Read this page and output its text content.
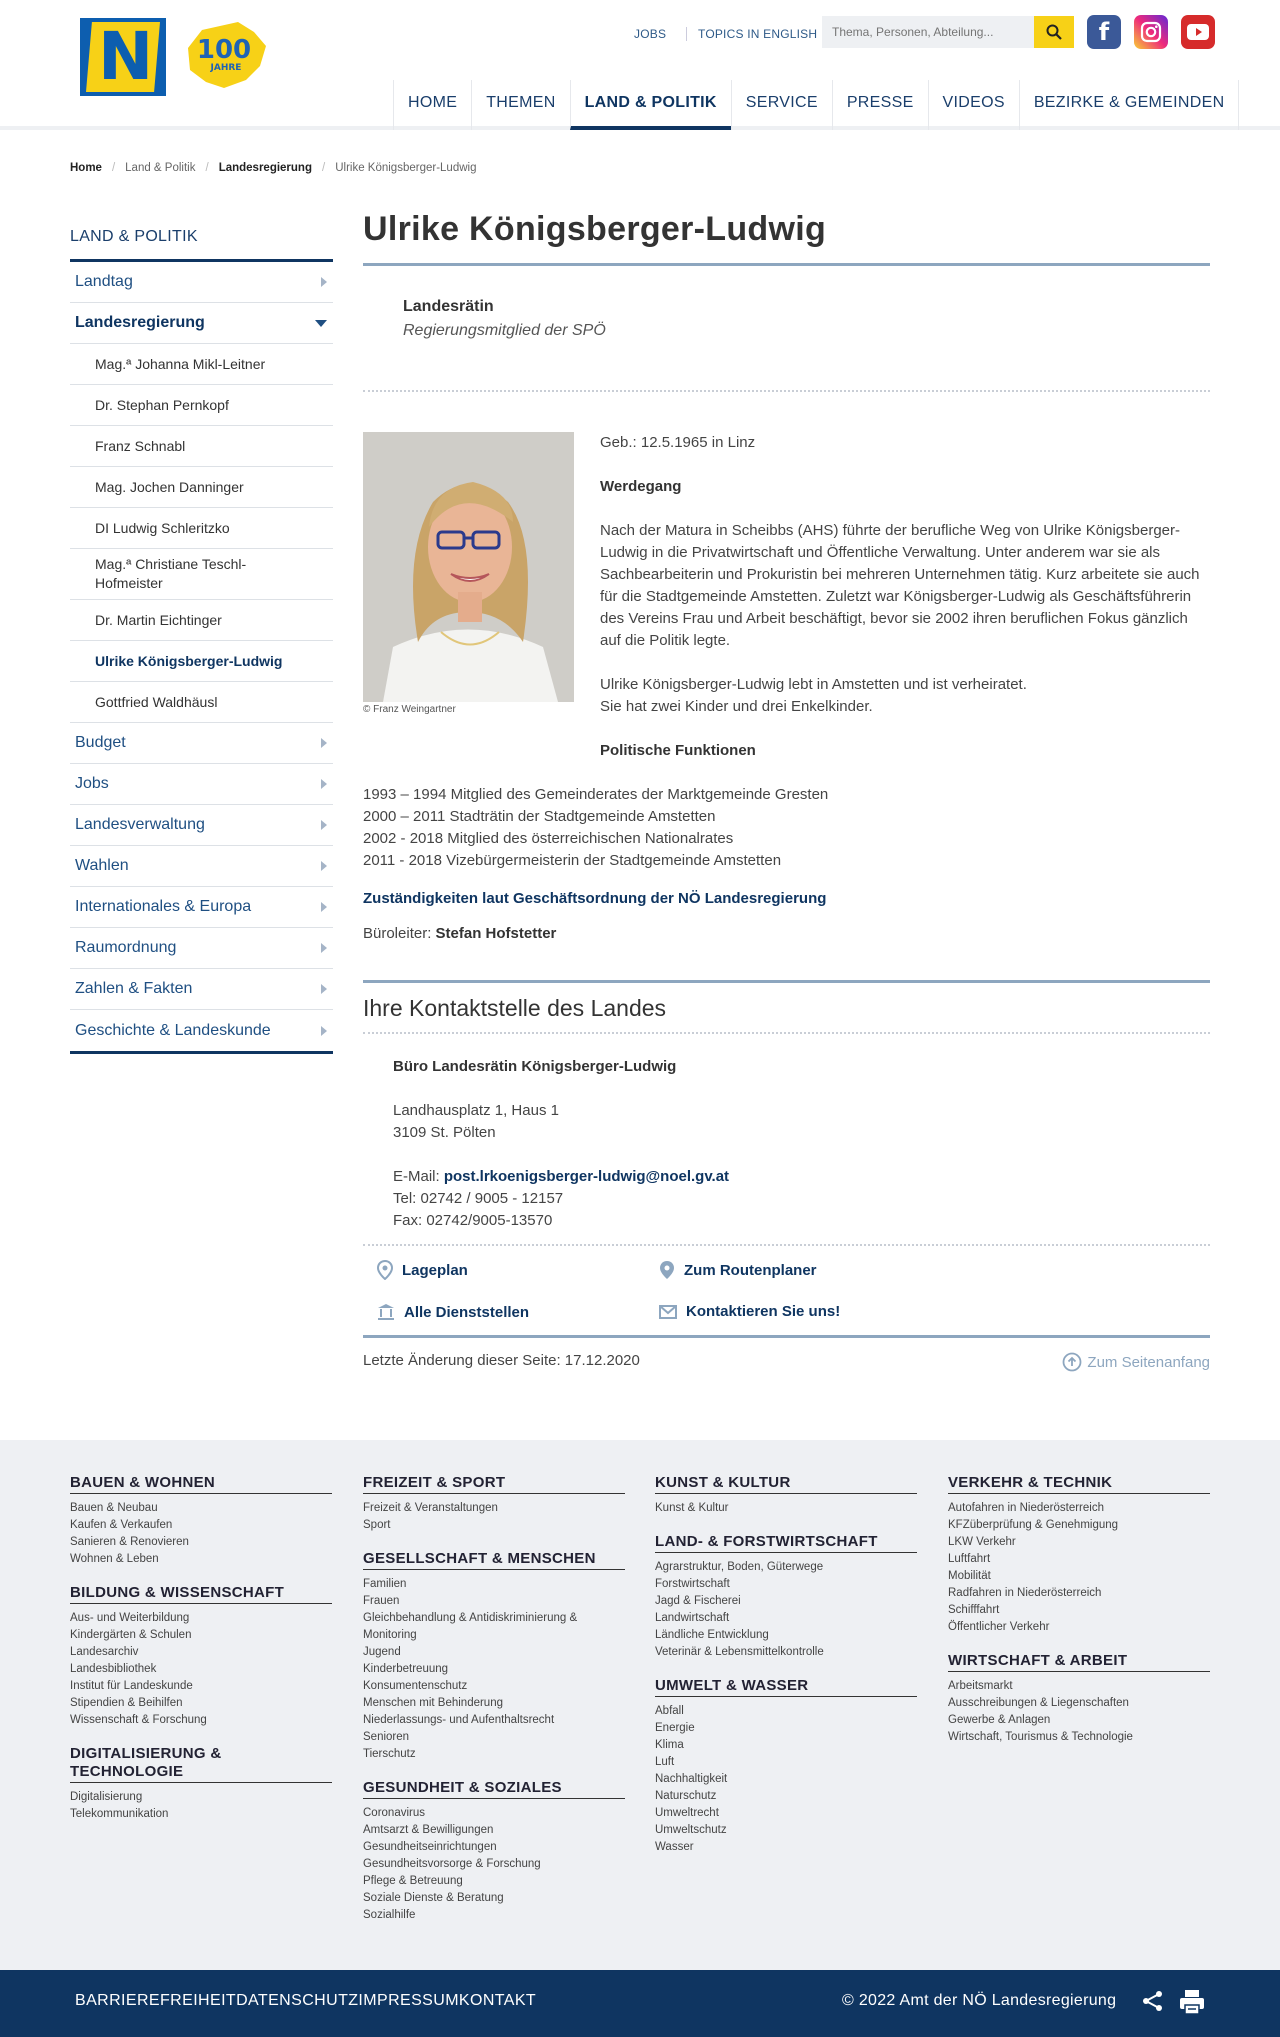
N 100
JAHRE
JOBS	TOPICS IN ENGLISH
Thema, Personen, Abteilung...	f
HOME	THEMEN	LAND & POLITIK	SERVICE	PRESSE	VIDEOS	BEZIRKE & GEMEINDEN
Home / Land & Politik / Landesregierung / Ulrike Königsberger-Ludwig
LAND & POLITIK
Landtag
Landesregierung
Mag.ª Johanna Mikl-Leitner
Dr. Stephan Pernkopf
Franz Schnabl
Mag. Jochen Danninger
DI Ludwig Schleritzko
Mag.ª Christiane Teschl-Hofmeister
Dr. Martin Eichtinger
Ulrike Königsberger-Ludwig
Gottfried Waldhäusl
Budget
Jobs
Landesverwaltung
Wahlen
Internationales & Europa
Raumordnung
Zahlen & Fakten
Geschichte & Landeskunde
Ulrike Königsberger-Ludwig
Landesrätin
Regierungsmitglied der SPÖ
© Franz Weingartner

Geb.: 12.5.1965 in Linz

Werdegang

Nach der Matura in Scheibbs (AHS) führte der berufliche Weg von Ulrike Königsberger-Ludwig in die Privatwirtschaft und Öffentliche Verwaltung. Unter anderem war sie als Sachbearbeiterin und Prokuristin bei mehreren Unternehmen tätig. Kurz arbeitete sie auch für die Stadtgemeinde Amstetten. Zuletzt war Königsberger-Ludwig als Geschäftsführerin des Vereins Frau und Arbeit beschäftigt, bevor sie 2002 ihren beruflichen Fokus gänzlich auf die Politik legte.

Ulrike Königsberger-Ludwig lebt in Amstetten und ist verheiratet.

Sie hat zwei Kinder und drei Enkelkinder.

Politische Funktionen

1993 – 1994 Mitglied des Gemeinderates der Marktgemeinde Gresten
2000 – 2011 Stadträtin der Stadtgemeinde Amstetten
2002 - 2018 Mitglied des österreichischen Nationalrates
2011 - 2018 Vizebürgermeisterin der Stadtgemeinde Amstetten
Zuständigkeiten laut Geschäftsordnung der NÖ Landesregierung
Büroleiter: Stefan Hofstetter
Ihre Kontaktstelle des Landes
Büro Landesrätin Königsberger-Ludwig
Landhausplatz 1, Haus 1
3109 St. Pölten
E-Mail: post.lrkoenigsberger-ludwig@noel.gv.at
Tel: 02742 / 9005 - 12157
Fax: 02742/9005-13570
Lageplan	Zum Routenplaner
Alle Dienststellen	Kontaktieren Sie uns!
Letzte Änderung dieser Seite: 17.12.2020	Zum Seitenanfang
BAUEN & WOHNEN
Bauen & Neubau
Kaufen & Verkaufen
Sanieren & Renovieren
Wohnen & Leben
BILDUNG & WISSENSCHAFT
Aus- und Weiterbildung
Kindergärten & Schulen
Landesarchiv
Landesbibliothek
Institut für Landeskunde
Stipendien & Beihilfen
Wissenschaft & Forschung
DIGITALISIERUNG & TECHNOLOGIE
Digitalisierung
Telekommunikation
FREIZEIT & SPORT
Freizeit & Veranstaltungen
Sport
GESELLSCHAFT & MENSCHEN
Familien
Frauen
Gleichbehandlung & Antidiskriminierung & Monitoring
Jugend
Kinderbetreuung
Konsumentenschutz
Menschen mit Behinderung
Niederlassungs- und Aufenthaltsrecht
Senioren
Tierschutz
GESUNDHEIT & SOZIALES
Coronavirus
Amtsarzt & Bewilligungen
Gesundheitseinrichtungen
Gesundheitsvorsorge & Forschung
Pflege & Betreuung
Soziale Dienste & Beratung
Sozialhilfe
KUNST & KULTUR
Kunst & Kultur
LAND- & FORSTWIRTSCHAFT
Agrarstruktur, Boden, Güterwege
Forstwirtschaft
Jagd & Fischerei
Landwirtschaft
Ländliche Entwicklung
Veterinär & Lebensmittelkontrolle
UMWELT & WASSER
Abfall
Energie
Klima
Luft
Nachhaltigkeit
Naturschutz
Umweltrecht
Umweltschutz
Wasser
VERKEHR & TECHNIK
Autofahren in Niederösterreich
KFZüberprüfung & Genehmigung
LKW Verkehr
Luftfahrt
Mobilität
Radfahren in Niederösterreich
Schifffahrt
Öffentlicher Verkehr
WIRTSCHAFT & ARBEIT
Arbeitsmarkt
Ausschreibungen & Liegenschaften
Gewerbe & Anlagen
Wirtschaft, Tourismus & Technologie
BARRIEREFREIHEIT DATENSCHUTZ IMPRESSUM KONTAKT	© 2022 Amt der NÖ Landesregierung
